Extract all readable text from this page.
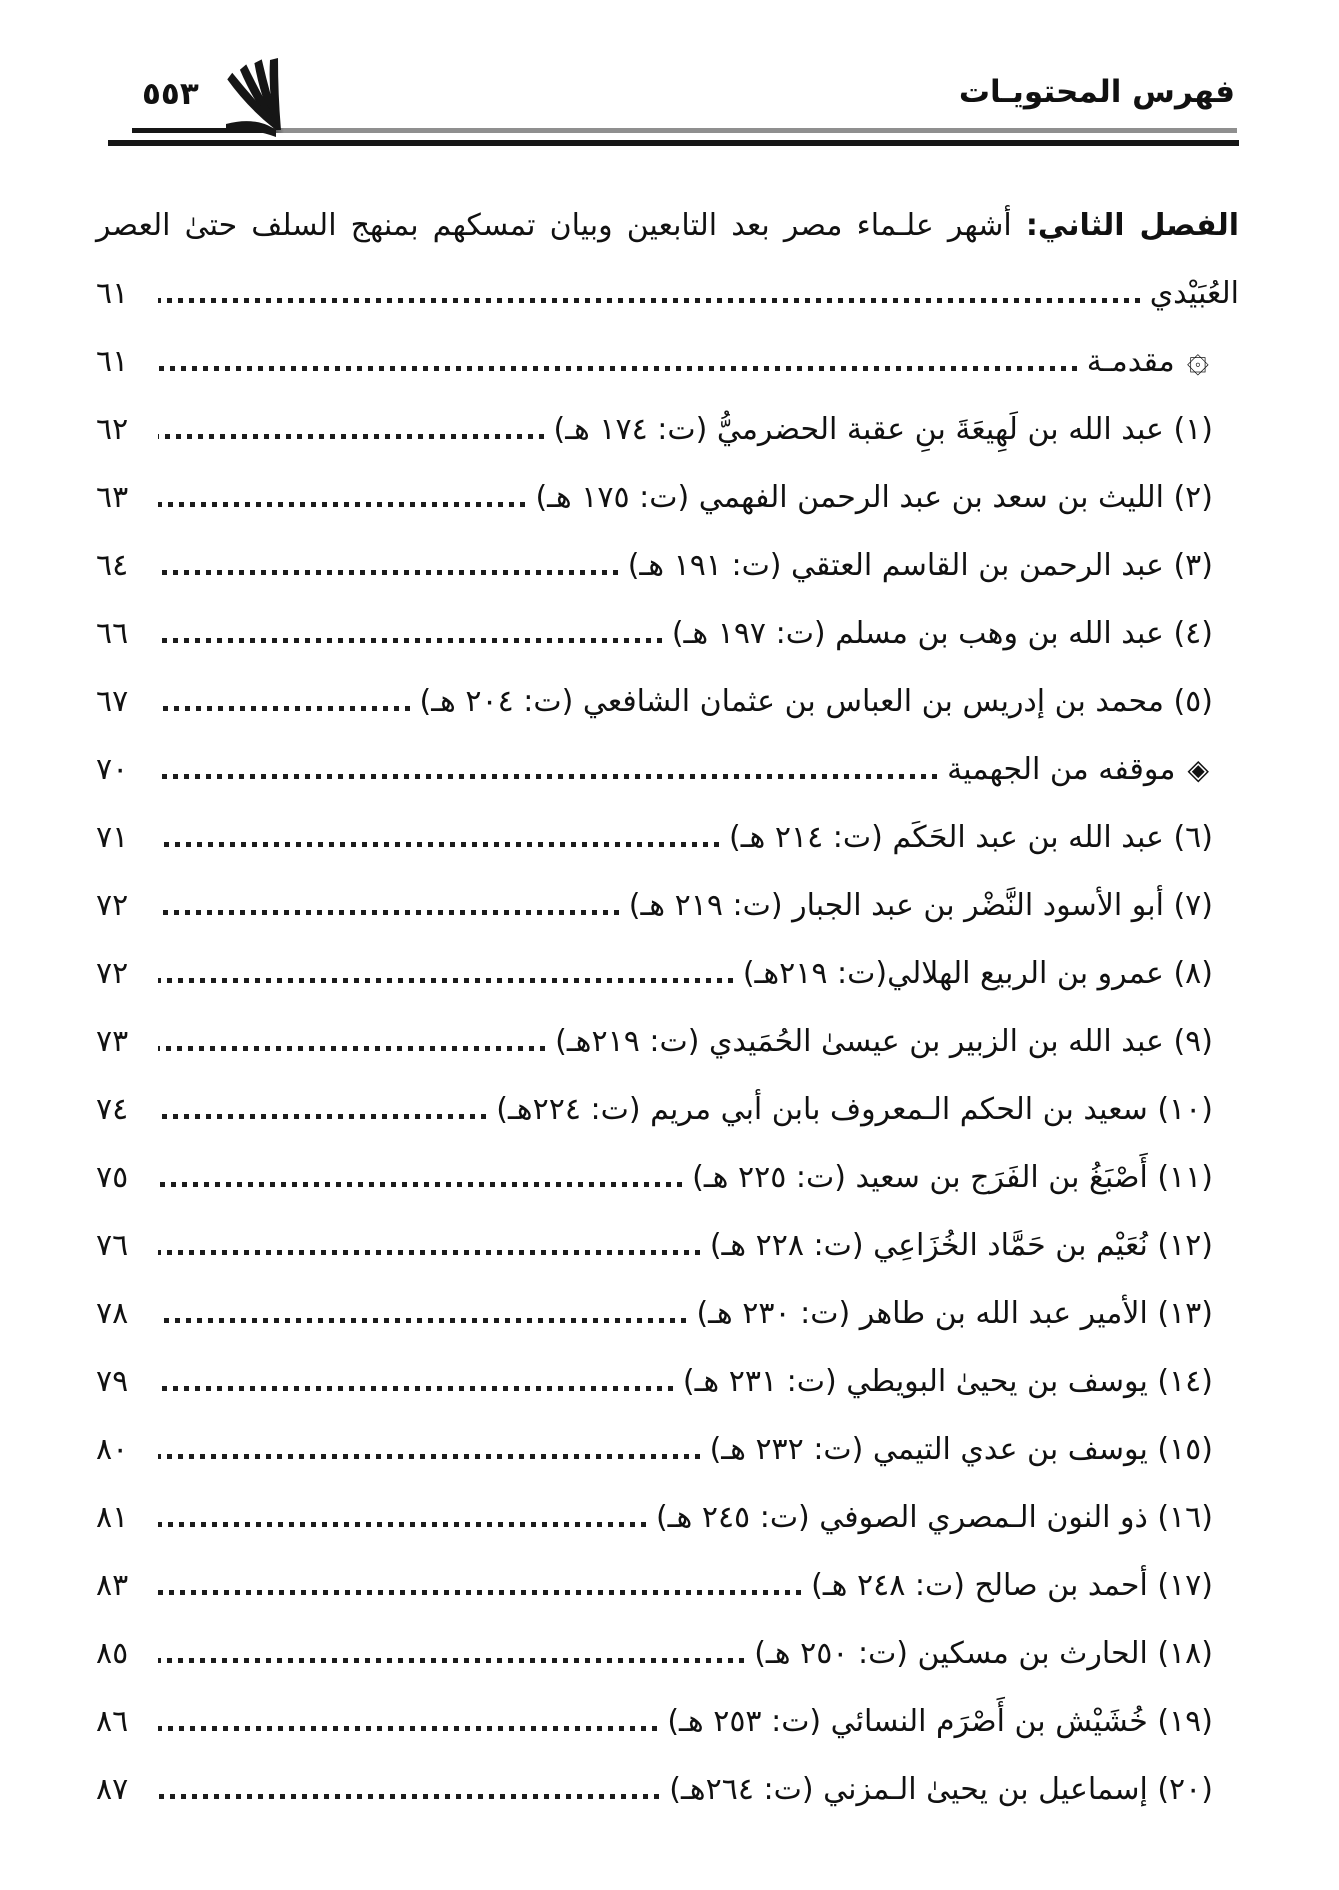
فهرس المحتويـات
٥٥٣
الفصل الثاني: أشهر علـماء مصر بعد التابعين وبيان تمسكهم بمنهج السلف حتىٰ العصر
العُبَيْدي
٦١
۞
مقدمـة
٦١
(١) عبد الله بن لَهِيعَةَ بنِ عقبة الحضرميُّ (ت: ١٧٤ هـ)
٦٢
(٢) الليث بن سعد بن عبد الرحمن الفهمي (ت: ١٧٥ هـ)
٦٣
(٣) عبد الرحمن بن القاسم العتقي (ت: ١٩١ هـ)
٦٤
(٤) عبد الله بن وهب بن مسلم (ت: ١٩٧ هـ)
٦٦
(٥) محمد بن إدريس بن العباس بن عثمان الشافعي (ت: ٢٠٤ هـ)
٦٧
◈
موقفه من الجهمية
٧٠
(٦) عبد الله بن عبد الحَكَم (ت: ٢١٤ هـ)
٧١
(٧) أبو الأسود النَّضْر بن عبد الجبار (ت: ٢١٩ هـ)
٧٢
(٨) عمرو بن الربيع الهلالي(ت: ٢١٩هـ)
٧٢
(٩) عبد الله بن الزبير بن عيسىٰ الحُمَيدي (ت: ٢١٩هـ)
٧٣
(١٠) سعيد بن الحكم الـمعروف بابن أبي مريم (ت: ٢٢٤هـ)
٧٤
(١١) أَصْبَغُ بن الفَرَج بن سعيد (ت: ٢٢٥ هـ)
٧٥
(١٢) نُعَيْم بن حَمَّاد الخُزَاعِي (ت: ٢٢٨ هـ)
٧٦
(١٣) الأمير عبد الله بن طاهر (ت: ٢٣٠ هـ)
٧٨
(١٤) يوسف بن يحيىٰ البويطي (ت: ٢٣١ هـ)
٧٩
(١٥) يوسف بن عدي التيمي (ت: ٢٣٢ هـ)
٨٠
(١٦) ذو النون الـمصري الصوفي (ت: ٢٤٥ هـ)
٨١
(١٧) أحمد بن صالح (ت: ٢٤٨ هـ)
٨٣
(١٨) الحارث بن مسكين (ت: ٢٥٠ هـ)
٨٥
(١٩) خُشَيْش بن أَصْرَم النسائي (ت: ٢٥٣ هـ)
٨٦
(٢٠) إسماعيل بن يحيىٰ الـمزني (ت: ٢٦٤هـ)
٨٧
